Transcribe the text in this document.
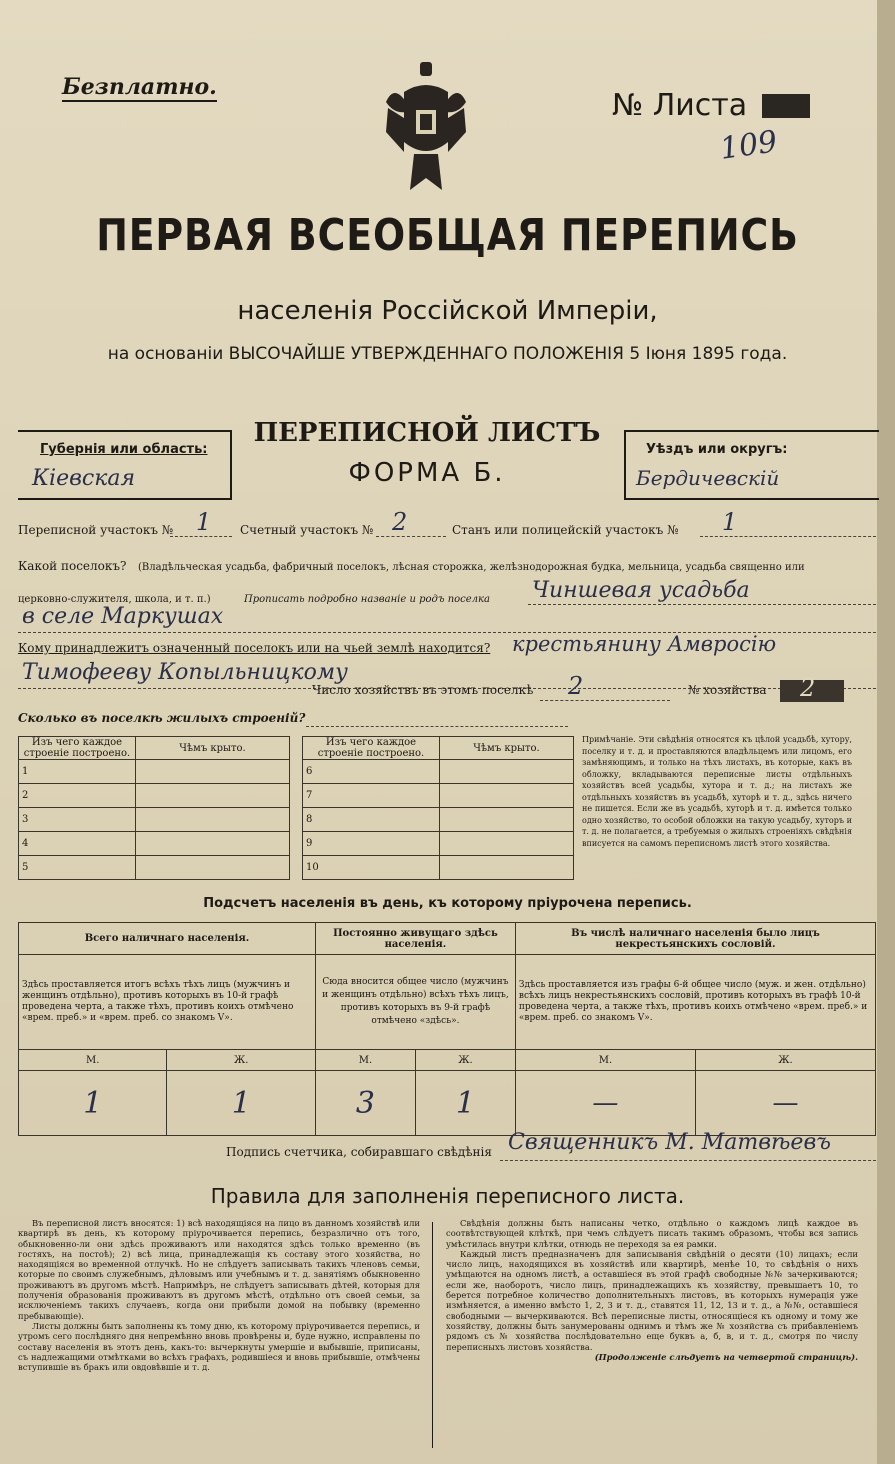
Безплатно.
№ Листа
109
ПЕРВАЯ ВСЕОБЩАЯ ПЕРЕПИСЬ
населенія Россійской Имперіи,
на основаніи ВЫСОЧАЙШЕ УТВЕРЖДЕННАГО ПОЛОЖЕНІЯ 5 Іюня 1895 года.
Губернія или область:
Кiевская
ПЕРЕПИСНОЙ ЛИСТЪ
ФОРМА Б.
Уѣздъ или округъ:
Бердичевскiй
Переписной участокъ № 1 Счетный участокъ № 2	Станъ или полицейскій участокъ № 1
Какой поселокъ? (Владѣльческая усадьба, фабричный поселокъ, лѣсная сторожка, желѣзнодорожная будка, мельница, усадьба священно или
церковно-служителя, школа, и т. п.)	Прописать подробно названіе и родъ поселка Чиншевая усадьба
в селе Маркушах
Кому принадлежитъ означенный поселокъ или на чьей землѣ находится? крестьянину Амвросiю
Тимофееву Копыльницкому
Число хозяйствъ въ этомъ поселкѣ 2	№ хозяйства 2
Сколько въ поселкѣ жилыхъ строеній?
Изъ чего каждое строеніе построено.	Чѣмъ крыто.
1	
2	
3	
4	
5	
Изъ чего каждое строеніе построено.	Чѣмъ крыто.
6	
7	
8	
9	
10	
Примѣчаніе. Эти свѣдѣнія относятся къ цѣлой усадьбѣ, хутору, поселку и т. д. и проставляются владѣльцемъ или лицомъ, его замѣняющимъ, и только на тѣхъ листахъ, въ которые, какъ въ обложку, вкладываются переписные листы отдѣльныхъ хозяйствъ всей усадьбы, хутора и т. д.; на листахъ же отдѣльныхъ хозяйствъ въ усадьбѣ, хуторѣ и т. д., здѣсь ничего не пишется. Если же въ усадьбѣ, хуторѣ и т. д. имѣется только одно хозяйство, то особой обложки на такую усадьбу, хуторъ и т. д. не полагается, а требуемыя о жилыхъ строеніяхъ свѣдѣнія вписуется на самомъ переписномъ листѣ этого хозяйства.
Подсчетъ населенія въ день, къ которому пріурочена перепись.
Всего наличнаго населенія.		Постоянно живущаго здѣсь населенія.		Въ числѣ наличнаго населенія было лицъ некрестьянскихъ сословій.	
Здѣсь проставляется итогъ всѣхъ тѣхъ лицъ (мужчинъ и женщинъ отдѣльно), противъ которыхъ въ 10-й графѣ проведена черта, а также тѣхъ, противъ коихъ отмѣчено «врем. преб.» и «врем. преб. со знакомъ V».		Сюда вносится общее число (мужчинъ и женщинъ отдѣльно) всѣхъ тѣхъ лицъ, противъ которыхъ въ 9-й графѣ отмѣчено «здѣсь».		Здѣсь проставляется изъ графы 6-й общее число (муж. и жен. отдѣльно) всѣхъ лицъ некрестьянскихъ сословій, противъ которыхъ въ графѣ 10-й проведена черта, а также тѣхъ, противъ коихъ отмѣчено «врем. преб.» и «врем. преб. со знакомъ V».	
М.	Ж.	М.	Ж.	М.	Ж.
1	1	3	1	—	—
Подпись счетчика, собиравшаго свѣдѣнія Священникъ М. Матвѣевъ
Правила для заполненія переписного листа.

Въ переписной листъ вносятся: 1) всѣ находящіяся на лицо въ данномъ хозяйствѣ или квартирѣ въ день, къ которому пріурочивается перепись, безразлично отъ того, обыкновенно-ли они здѣсь проживаютъ или находятся здѣсь только временно (въ гостяхъ, на постоѣ); 2) всѣ лица, принадлежащія къ составу этого хозяйства, но находящіяся во временной отлучкѣ. Но не слѣдуетъ записывать такихъ членовъ семьи, которые по своимъ служебнымъ, дѣловымъ или учебнымъ и т. д. занятіямъ обыкновенно проживаютъ въ другомъ мѣстѣ. Напримѣръ, не слѣдуетъ записывать дѣтей, которыя для полученія образованія проживаютъ въ другомъ мѣстѣ, отдѣльно отъ своей семьи, за исключеніемъ такихъ случаевъ, когда они прибыли домой на побывку (временно пребывающіе).

Листы должны быть заполнены къ тому дню, къ которому пріурочивается перепись, и утромъ сего послѣдняго дня непремѣнно вновь провѣрены и, буде нужно, исправлены по составу населенія въ этотъ день, какъ-то: вычеркнуты умершіе и выбывшіе, приписаны, съ надлежащими отмѣтками во всѣхъ графахъ, родившіеся и вновь прибывшіе, отмѣчены вступившіе въ бракъ или овдовѣвшіе и т. д.

Свѣдѣнія должны быть написаны четко, отдѣльно о каждомъ лицѣ каждое въ соотвѣтствующей клѣткѣ, при чемъ слѣдуетъ писать такимъ образомъ, чтобы вся запись умѣстилась внутри клѣтки, отнюдь не переходя за ея рамки.

Каждый листъ предназначенъ для записыванія свѣдѣній о десяти (10) лицахъ; если число лицъ, находящихся въ хозяйствѣ или квартирѣ, менѣе 10, то свѣдѣнія о нихъ умѣщаются на одномъ листѣ, а оставшіеся въ этой графѣ свободные №№ зачеркиваются; если же, наоборотъ, число лицъ, принадлежащихъ къ хозяйству, превышаетъ 10, то берется потребное количество дополнительныхъ листовъ, въ которыхъ нумерація уже измѣняется, а именно вмѣсто 1, 2, 3 и т. д., ставятся 11, 12, 13 и т. д., а №№, оставшіеся свободными — вычеркиваются. Всѣ переписные листы, относящіеся къ одному и тому же хозяйству, должны быть занумерованы однимъ и тѣмъ же № хозяйства съ прибавленіемъ рядомъ съ № хозяйства послѣдовательно еще буквъ а, б, в, и т. д., смотря по числу переписныхъ листовъ хозяйства.

(Продолженіе слѣдуетъ на четвертой страницѣ).
